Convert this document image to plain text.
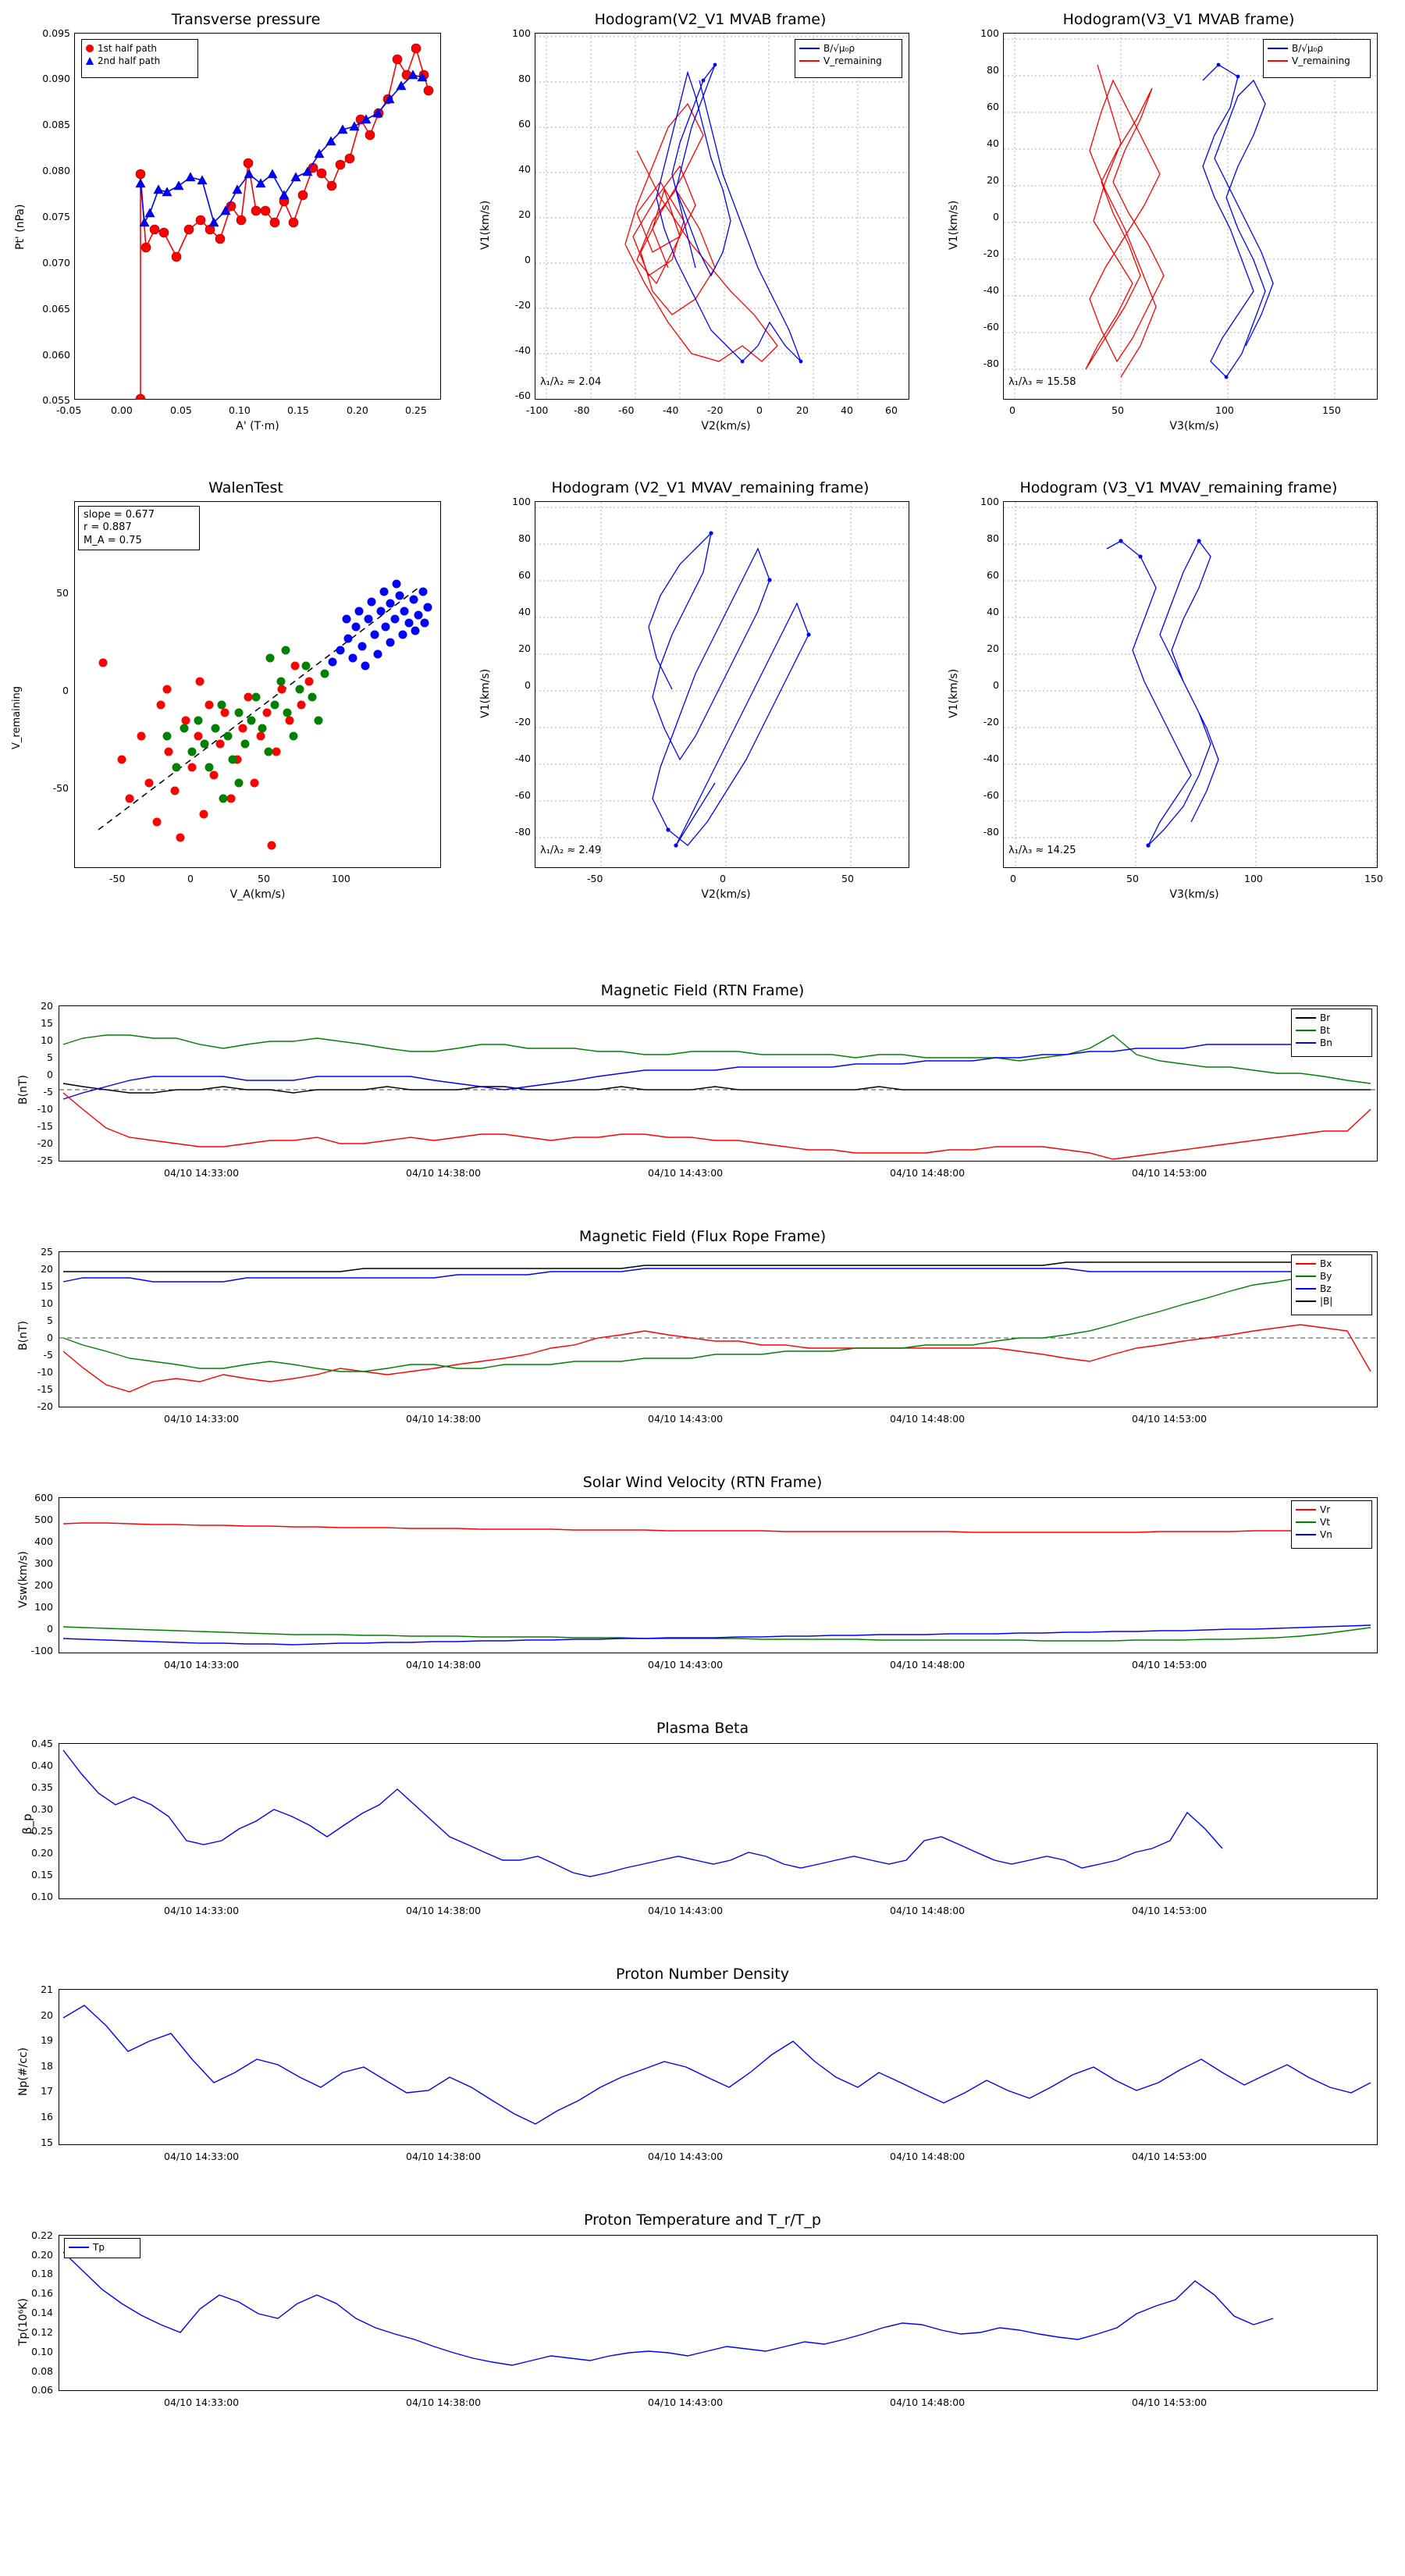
Transverse pressure
1st half path
2nd half path
0.095
0.090
0.085
0.080
0.075
0.070
0.065
0.060
0.055
-0.05	0.00	0.05	0.10	0.15	0.20	0.25
A' (T·m)
Pt' (nPa)
Hodogram(V2_V1 MVAB frame)
B/√μ₀ρ
V_remaining
λ₁/λ₂ ≈ 2.04
100
80
60
40
20
0
-20
-40
-60
-100	-80	-60	-40	-20	0	20	40	60
V2(km/s)
V1(km/s)
Hodogram(V3_V1 MVAB frame)
B/√μ₀ρ
V_remaining
λ₁/λ₃ ≈ 15.58
100
80
60
40
20
0
-20
-40
-60
-80
0	50	100	150
V3(km/s)
V1(km/s)
WalenTest
slope = 0.677
r = 0.887
M_A = 0.75
50
0
-50
-50	0	50	100
V_A(km/s)
V_remaining
Hodogram (V2_V1 MVAV_remaining frame)
λ₁/λ₂ ≈ 2.49
100
80
60
40
20
0
-20
-40
-60
-80
-50	0	50
V2(km/s)
V1(km/s)
Hodogram (V3_V1 MVAV_remaining frame)
λ₁/λ₃ ≈ 14.25
100
80
60
40
20
0
-20
-40
-60
-80
0	50	100	150
V3(km/s)
V1(km/s)
Magnetic Field (RTN Frame)
Br
Bt
Bn
20
15
10
5
0
-5
-10
-15
-20
-25
04/10 14:33:00	04/10 14:38:00	04/10 14:43:00	04/10 14:48:00	04/10 14:53:00
B(nT)
Magnetic Field (Flux Rope Frame)
Bx
By
Bz
|B|
25
20
15
10
5
0
-5
-10
-15
-20
04/10 14:33:00	04/10 14:38:00	04/10 14:43:00	04/10 14:48:00	04/10 14:53:00
B(nT)
Solar Wind Velocity (RTN Frame)
Vr
Vt
Vn
600
500
400
300
200
100
0
-100
04/10 14:33:00	04/10 14:38:00	04/10 14:43:00	04/10 14:48:00	04/10 14:53:00
Vsw(km/s)
Plasma Beta
0.45
0.40
0.35
0.30
0.25
0.20
0.15
0.10
04/10 14:33:00	04/10 14:38:00	04/10 14:43:00	04/10 14:48:00	04/10 14:53:00
β_p
Proton Number Density
21
20
19
18
17
16
15
04/10 14:33:00	04/10 14:38:00	04/10 14:43:00	04/10 14:48:00	04/10 14:53:00
Np(#/cc)
Proton Temperature and T_r/T_p
Tp
0.22
0.20
0.18
0.16
0.14
0.12
0.10
0.08
0.06
04/10 14:33:00	04/10 14:38:00	04/10 14:43:00	04/10 14:48:00	04/10 14:53:00
Tp(10⁶K)
